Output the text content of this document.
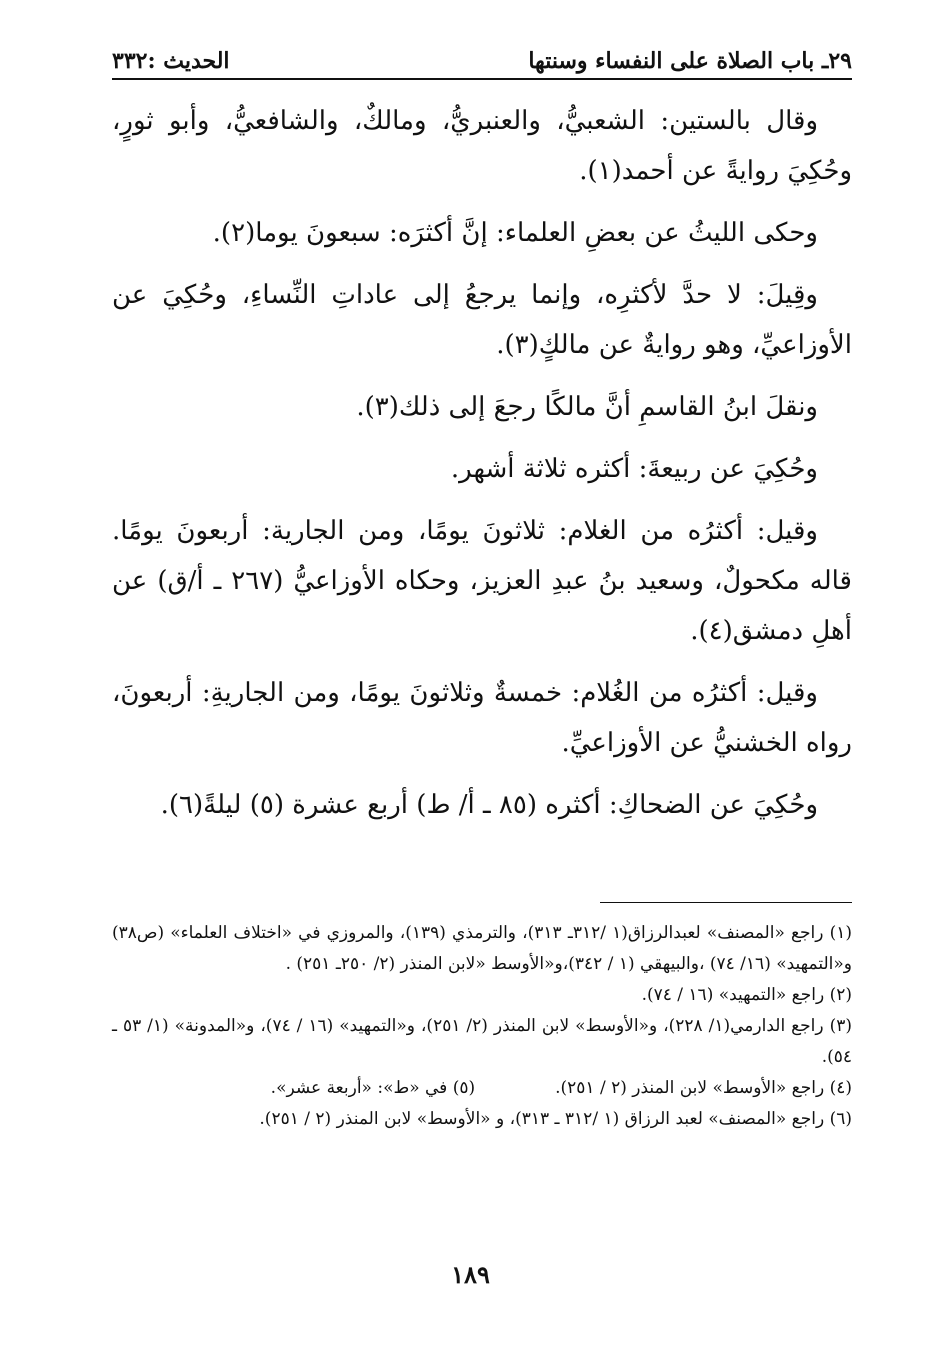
٢٩ـ باب الصلاة على النفساء وسنتها
الحديث :٣٣٢

وقال بالستين: الشعبيُّ، والعنبريُّ، ومالكٌ، والشافعيُّ، وأبو ثورٍ، وحُكِيَ روايةً عن أحمد(١).

وحكى الليثُ عن بعضِ العلماء: إنَّ أكثرَه: سبعونَ يوما(٢).

وقِيلَ: لا حدَّ لأكثرِه، وإنما يرجعُ إلى عاداتِ النِّساءِ، وحُكِيَ عن الأوزاعيِّ، وهو روايةٌ عن مالكٍ(٣).

ونقلَ ابنُ القاسمِ أنَّ مالكًا رجعَ إلى ذلك(٣).

وحُكِيَ عن ربيعةَ: أكثره ثلاثة أشهر.

وقيل: أكثرُه من الغلام: ثلاثونَ يومًا، ومن الجارية: أربعونَ يومًا. قاله مكحولٌ، وسعيد بنُ عبدِ العزيز، وحكاه الأوزاعيُّ (٢٦٧ ـ أ/ق) عن أهلِ دمشق(٤).

وقيل: أكثرُه من الغُلام: خمسةٌ وثلاثونَ يومًا، ومن الجاريةِ: أربعونَ، رواه الخشنيُّ عن الأوزاعيِّ.

وحُكِيَ عن الضحاكِ: أكثره (٨٥ ـ أ/ ط) أربع عشرة (٥) ليلةً(٦).

(١) راجع «المصنف» لعبدالرزاق(١ /٣١٢ـ ٣١٣)، والترمذي (١٣٩)، والمروزي في «اختلاف العلماء» (ص٣٨) و«التمهيد» (١٦/ ٧٤) ،والبيهقي (١ / ٣٤٢)،و«الأوسط «لابن المنذر (٢/ ٢٥٠ـ ٢٥١) .

(٢) راجع «التمهيد» (١٦ / ٧٤).

(٣) راجع الدارمي(١/ ٢٢٨)، و«الأوسط» لابن المنذر (٢/ ٢٥١)، و«التمهيد» (١٦ / ٧٤)، و«المدونة» (١/ ٥٣ ـ ٥٤).

(٤) راجع «الأوسط» لابن المنذر (٢ / ٢٥١).
(٥) في «ط»: «أربعة عشر».

(٦) راجع «المصنف» لعبد الرزاق (١ /٣١٢ ـ ٣١٣)، و «الأوسط» لابن المنذر (٢ / ٢٥١).

١٨٩
